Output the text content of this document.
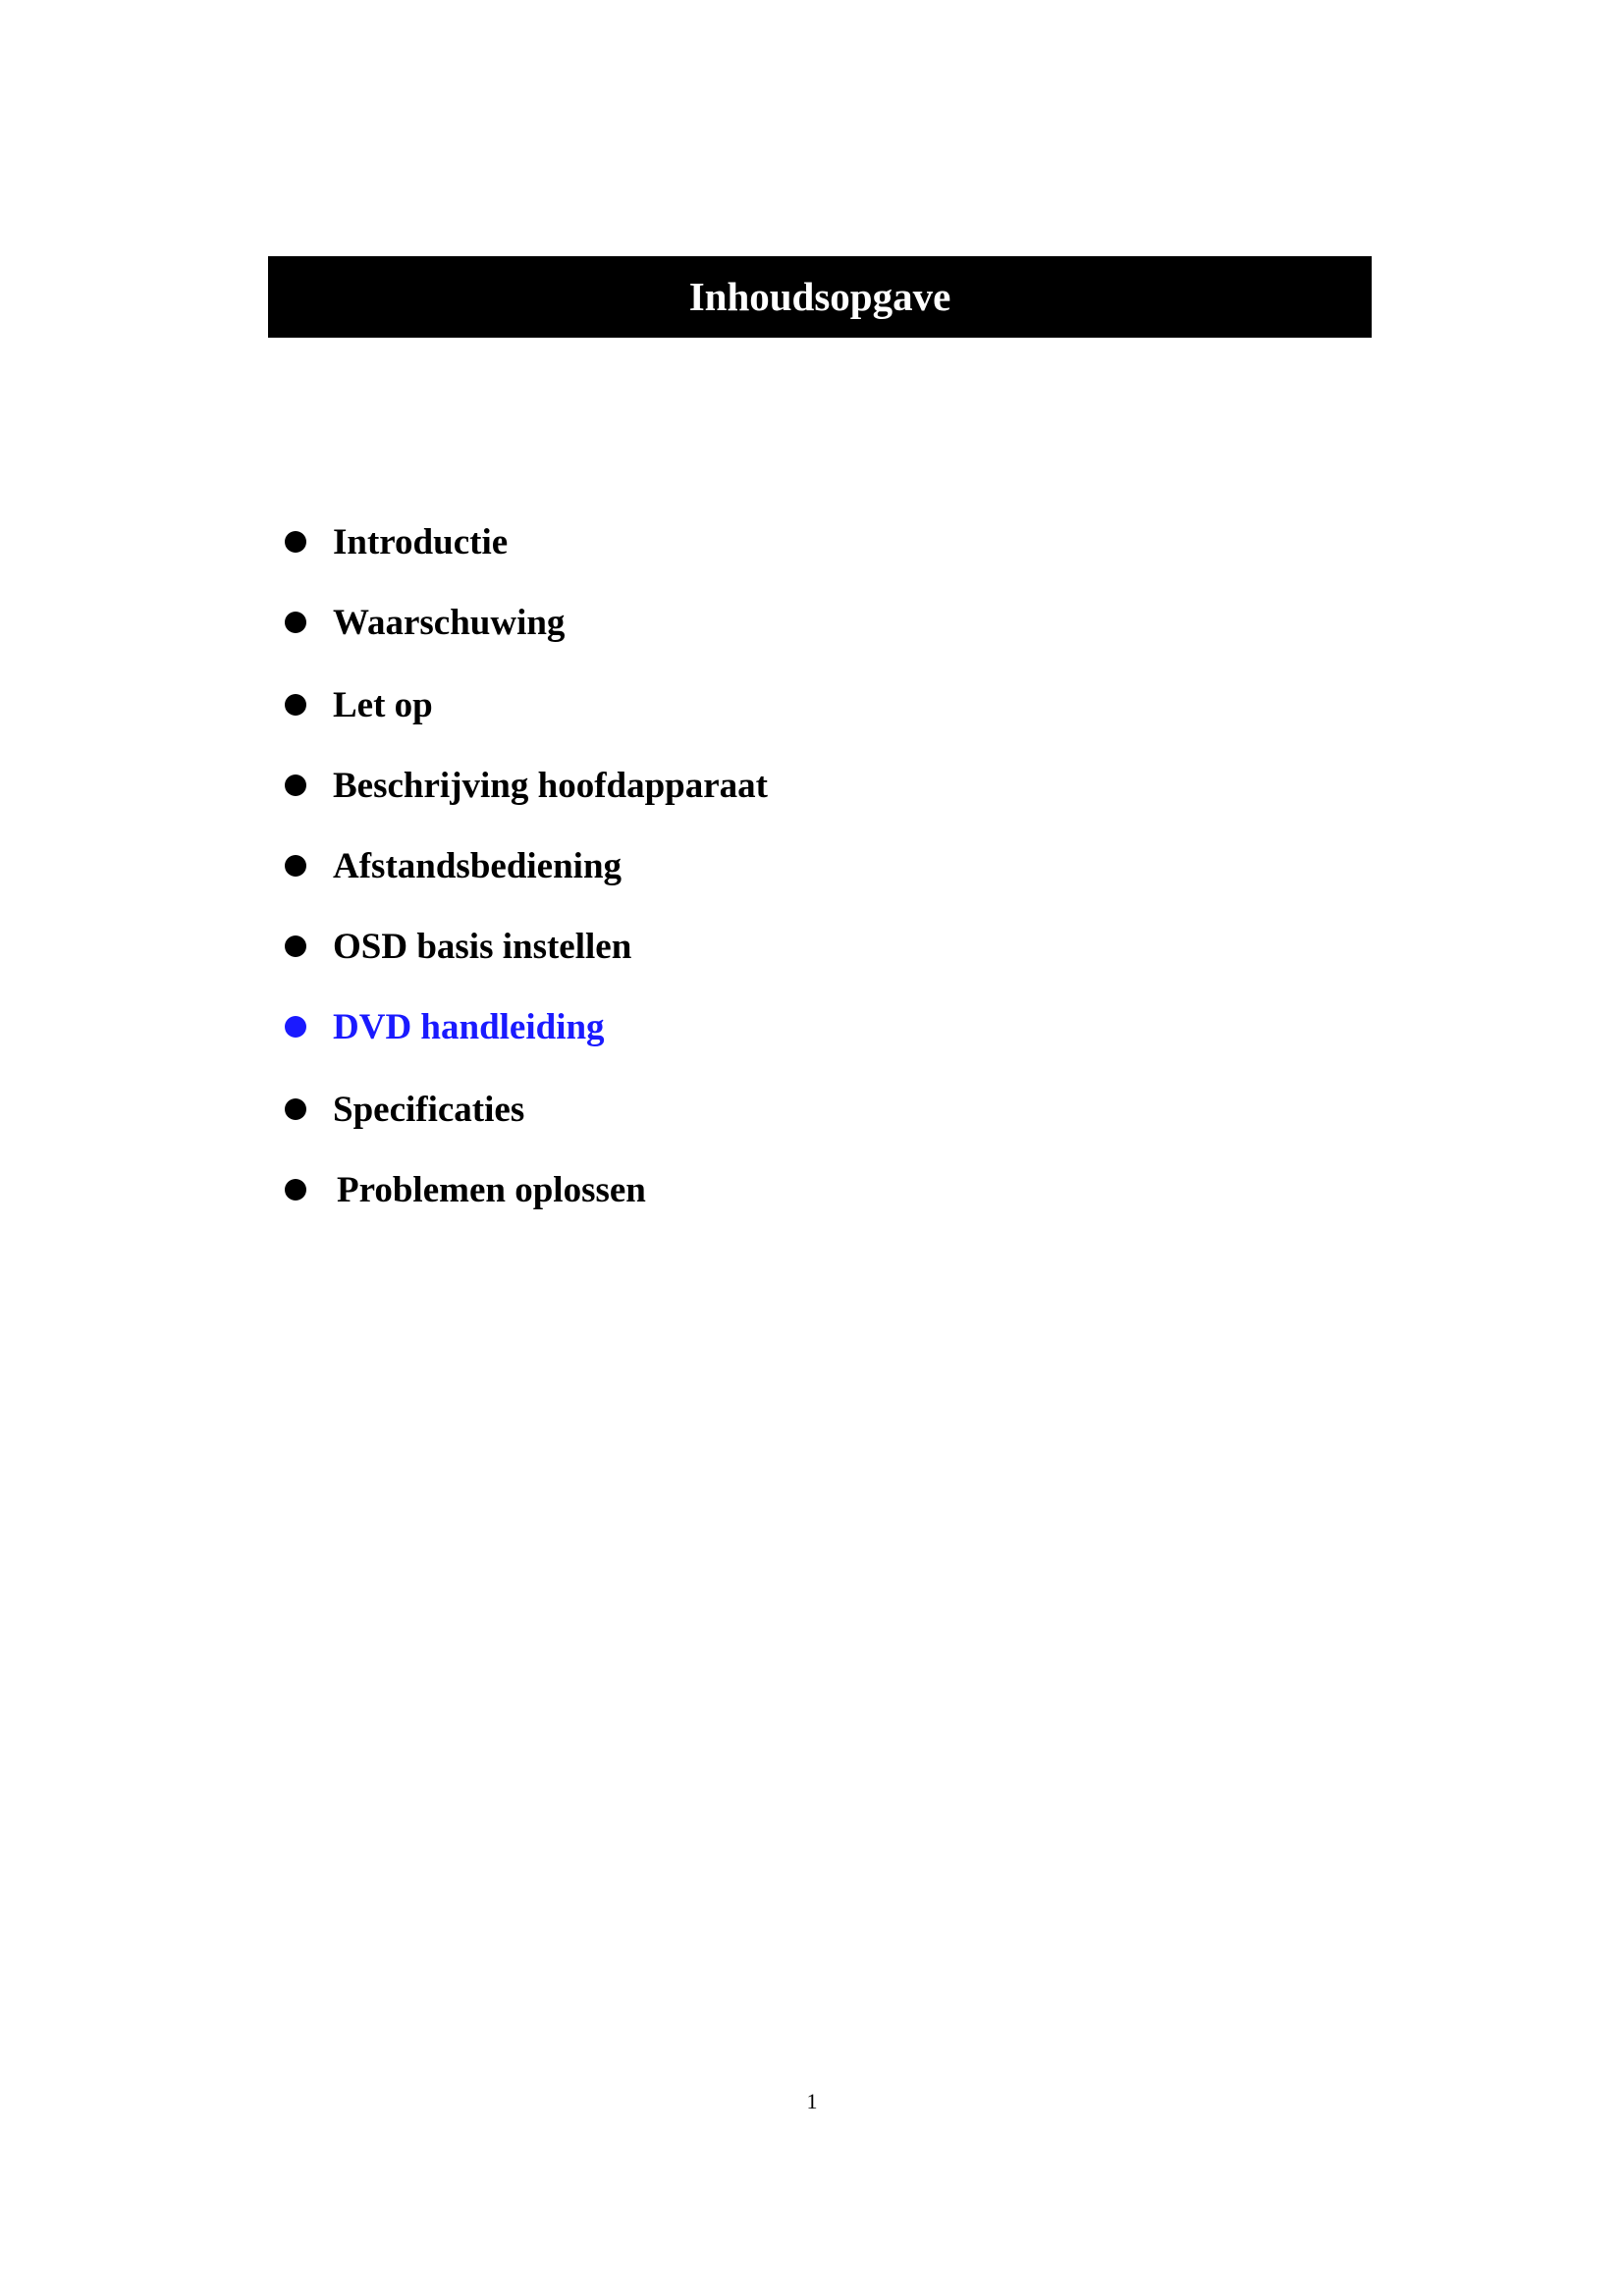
Inhoudsopgave
Introductie
Waarschuwing
Let op
Beschrijving hoofdapparaat
Afstandsbediening
OSD basis instellen
DVD handleiding
Specificaties
Problemen oplossen
1
